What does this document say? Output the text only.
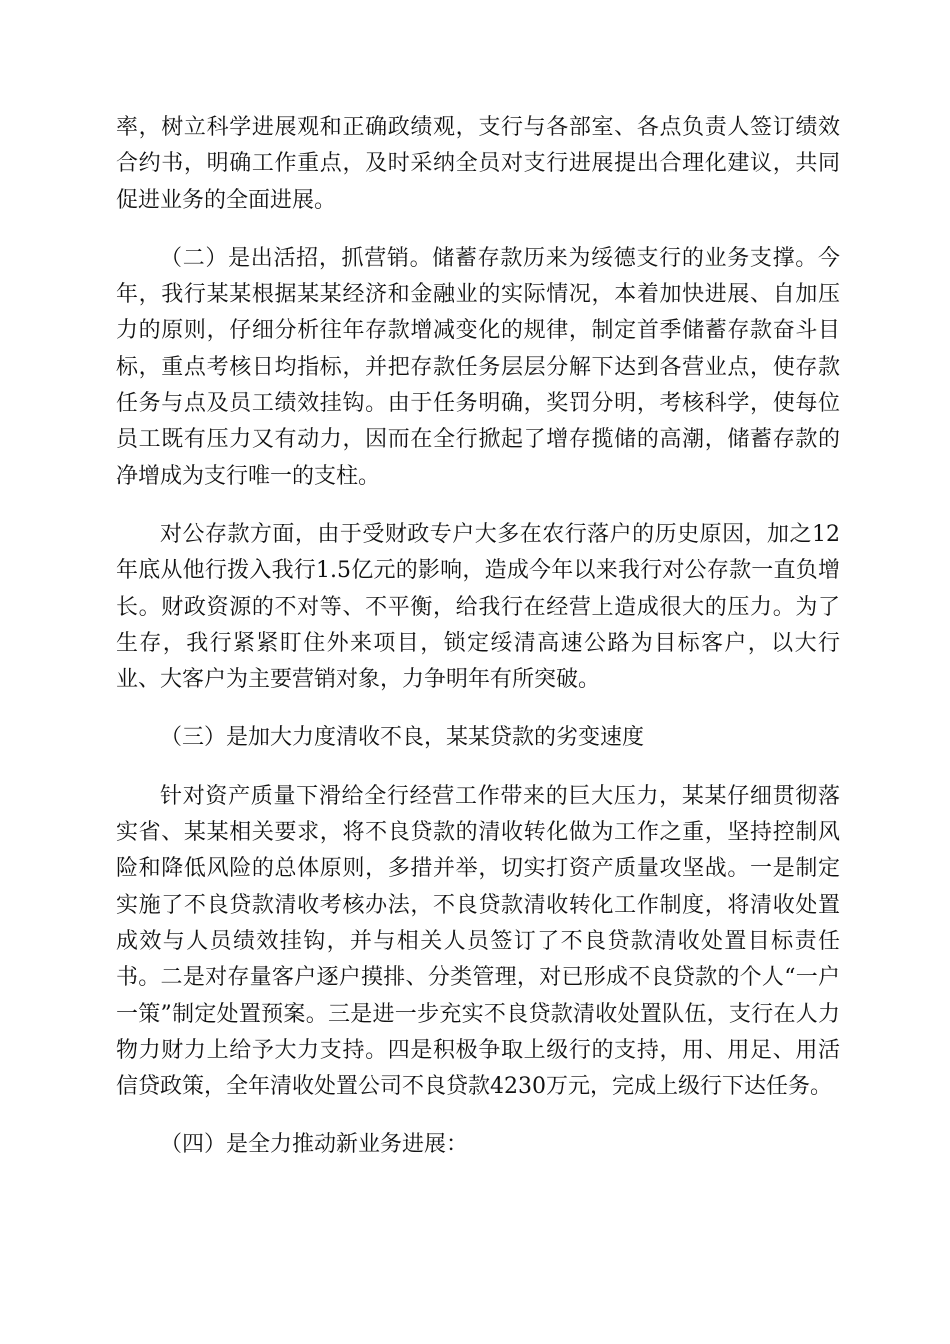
率，树立科学进展观和正确政绩观，支行与各部室、各点负责人签订绩效合约书，明确工作重点，及时采纳全员对支行进展提出合理化建议，共同促进业务的全面进展。

（二）是出活招，抓营销。储蓄存款历来为绥德支行的业务支撑。今年，我行某某根据某某经济和金融业的实际情况，本着加快进展、自加压力的原则，仔细分析往年存款增减变化的规律，制定首季储蓄存款奋斗目标，重点考核日均指标，并把存款任务层层分解下达到各营业点，使存款任务与点及员工绩效挂钩。由于任务明确，奖罚分明，考核科学，使每位员工既有压力又有动力，因而在全行掀起了增存揽储的高潮，储蓄存款的净增成为支行唯一的支柱。

对公存款方面，由于受财政专户大多在农行落户的历史原因，加之12年底从他行拨入我行1.5亿元的影响，造成今年以来我行对公存款一直负增长。财政资源的不对等、不平衡，给我行在经营上造成很大的压力。为了生存，我行紧紧盯住外来项目，锁定绥清高速公路为目标客户，以大行业、大客户为主要营销对象，力争明年有所突破。

（三）是加大力度清收不良，某某贷款的劣变速度

针对资产质量下滑给全行经营工作带来的巨大压力，某某仔细贯彻落实省、某某相关要求，将不良贷款的清收转化做为工作之重，坚持控制风险和降低风险的总体原则，多措并举，切实打资产质量攻坚战。一是制定实施了不良贷款清收考核办法，不良贷款清收转化工作制度，将清收处置成效与人员绩效挂钩，并与相关人员签订了不良贷款清收处置目标责任书。二是对存量客户逐户摸排、分类管理，对已形成不良贷款的个人“一户一策”制定处置预案。三是进一步充实不良贷款清收处置队伍，支行在人力物力财力上给予大力支持。四是积极争取上级行的支持，用、用足、用活信贷政策，全年清收处置公司不良贷款4230万元，完成上级行下达任务。

（四）是全力推动新业务进展：
